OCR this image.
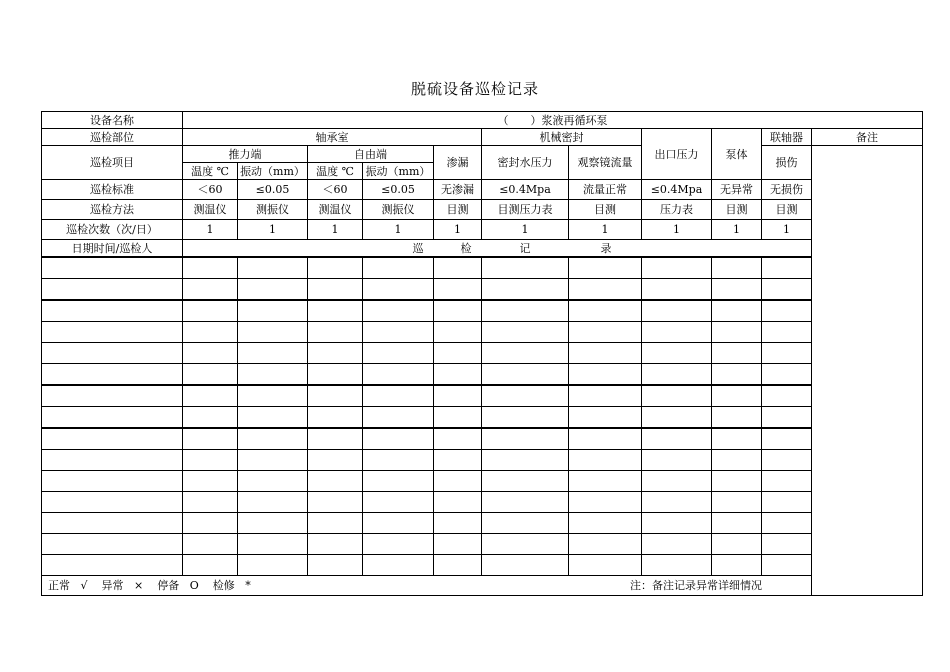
脱硫设备巡检记录
设备名称	（　　）浆液再循环泵										
巡检部位	轴承室					机械密封		出口压力	泵体	联轴器	备注
巡检项目	推力端		自由端		渗漏	密封水压力	观察镜流量			损伤	
	温度 ℃	振动（mm）	温度 ℃	振动（mm）							
巡检标准	＜60	≤0.05	＜60	≤0.05	无渗漏	≤0.4Mpa	流量正常	≤0.4Mpa	无异常	无损伤	
巡检方法	测温仪	测振仪	测温仪	测振仪	目测	目测压力表	目测	压力表	目测	目测	
巡检次数（次/日）	1	1	1	1	1	1	1	1	1	1	
日期时间/巡检人	巡				检	记	录				

正常 √ 异常 × 停备 O 检修 * 注：备注记录异常详细情况											
